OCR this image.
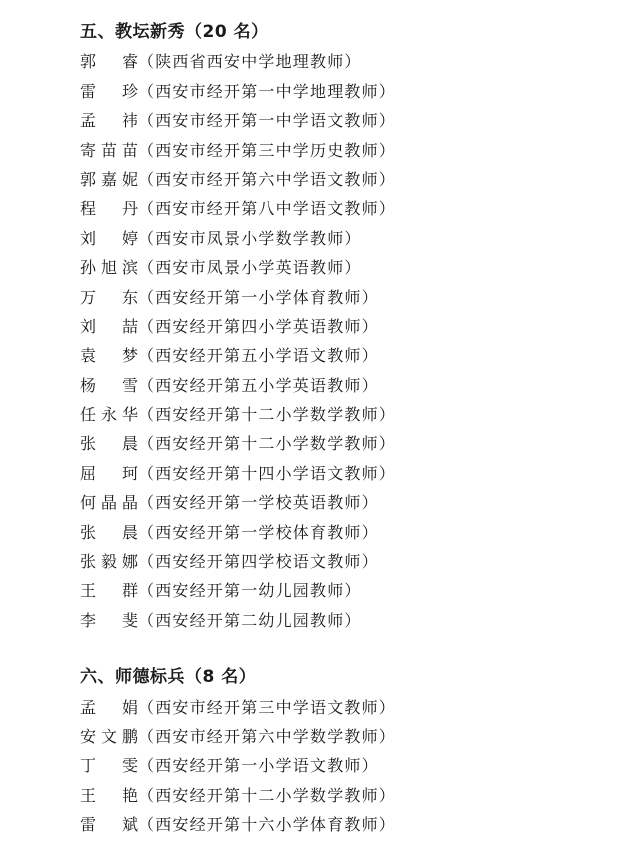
五、教坛新秀（20 名）
郭睿 （陕西省西安中学地理教师）
雷珍 （西安市经开第一中学地理教师）
孟祎 （西安市经开第一中学语文教师）
寄苗苗 （西安市经开第三中学历史教师）
郭嘉妮 （西安市经开第六中学语文教师）
程丹 （西安市经开第八中学语文教师）
刘婷 （西安市凤景小学数学教师）
孙旭滨 （西安市凤景小学英语教师）
万东 （西安经开第一小学体育教师）
刘喆 （西安经开第四小学英语教师）
袁梦 （西安经开第五小学语文教师）
杨雪 （西安经开第五小学英语教师）
任永华 （西安经开第十二小学数学教师）
张晨 （西安经开第十二小学数学教师）
屈珂 （西安经开第十四小学语文教师）
何晶晶 （西安经开第一学校英语教师）
张晨 （西安经开第一学校体育教师）
张毅娜 （西安经开第四学校语文教师）
王群 （西安经开第一幼儿园教师）
李斐 （西安经开第二幼儿园教师）
六、师德标兵（8 名）
孟娟 （西安市经开第三中学语文教师）
安文鹏 （西安市经开第六中学数学教师）
丁雯 （西安经开第一小学语文教师）
王艳 （西安经开第十二小学数学教师）
雷斌 （西安经开第十六小学体育教师）
